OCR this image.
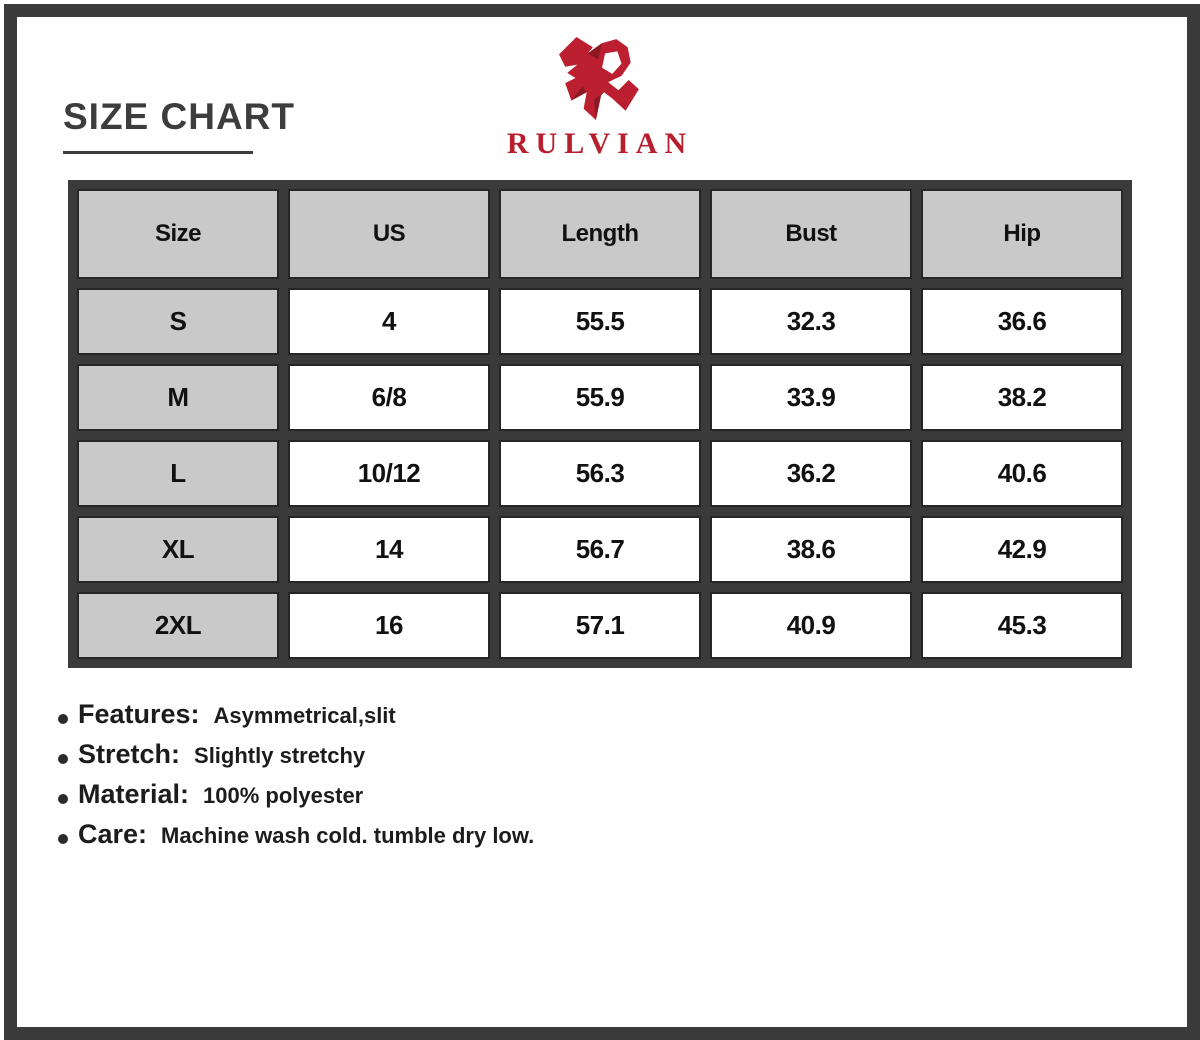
SIZE CHART
RULVIAN
Size	US	Length	Bust	Hip
S	4	55.5	32.3	36.6
M	6/8	55.9	33.9	38.2
L	10/12	56.3	36.2	40.6
XL	14	56.7	38.6	42.9
2XL	16	57.1	40.9	45.3
Features: Asymmetrical,slit
Stretch: Slightly stretchy
Material: 100% polyester
Care: Machine wash cold. tumble dry low.
